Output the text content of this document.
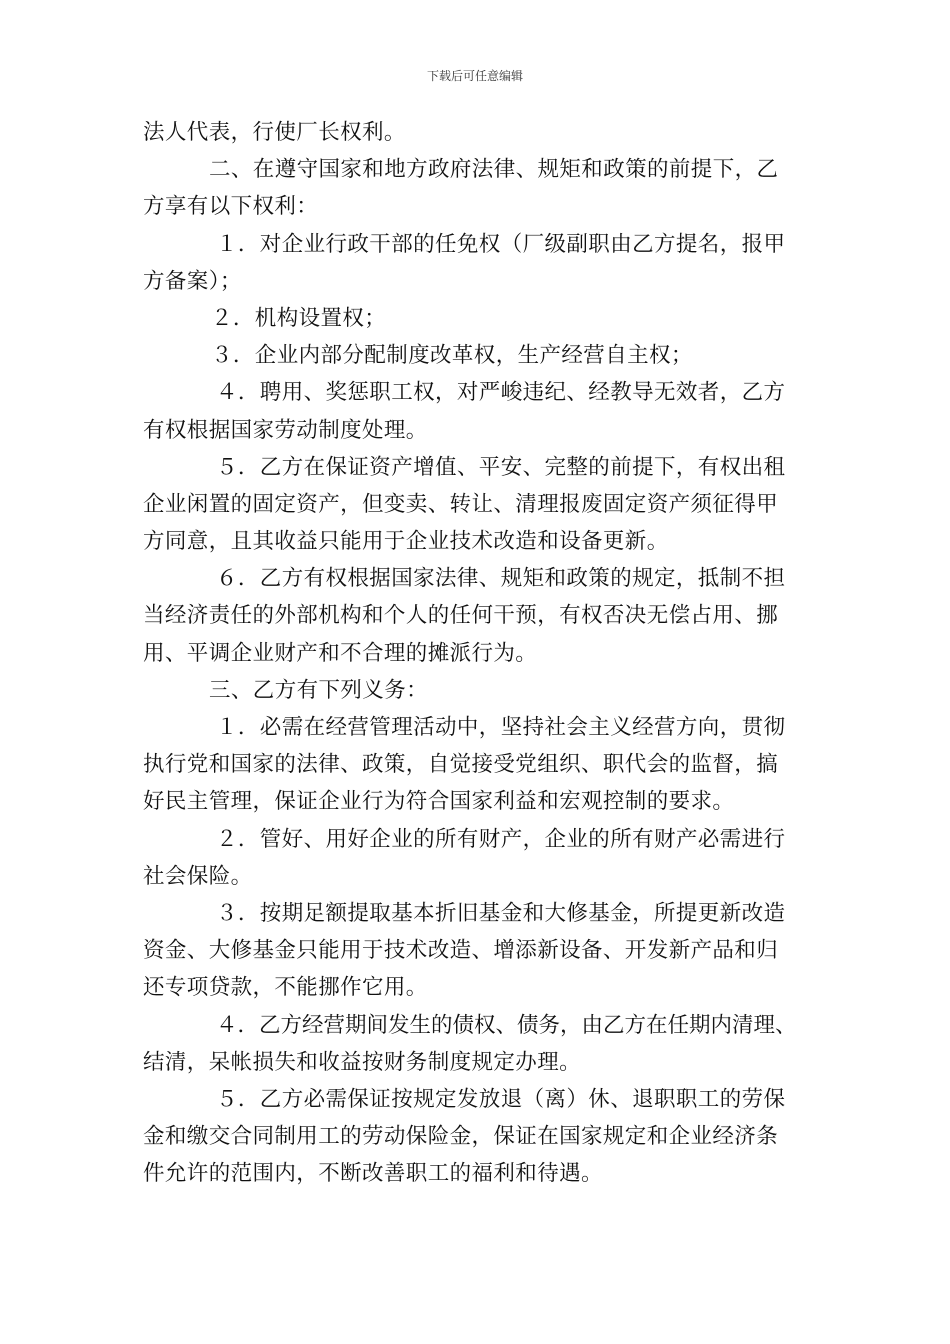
下载后可任意编辑
法人代表，行使厂长权利。
二、在遵守国家和地方政府法律、规矩和政策的前提下，乙
方享有以下权利：
１．对企业行政干部的任免权（厂级副职由乙方提名，报甲
方备案）；
２．机构设置权；
３．企业内部分配制度改革权，生产经营自主权；
４．聘用、奖惩职工权，对严峻违纪、经教导无效者，乙方
有权根据国家劳动制度处理。
５．乙方在保证资产增值、平安、完整的前提下，有权出租
企业闲置的固定资产，但变卖、转让、清理报废固定资产须征得甲
方同意，且其收益只能用于企业技术改造和设备更新。
６．乙方有权根据国家法律、规矩和政策的规定，抵制不担
当经济责任的外部机构和个人的任何干预，有权否决无偿占用、挪
用、平调企业财产和不合理的摊派行为。
三、乙方有下列义务：
１．必需在经营管理活动中，坚持社会主义经营方向，贯彻
执行党和国家的法律、政策，自觉接受党组织、职代会的监督，搞
好民主管理，保证企业行为符合国家利益和宏观控制的要求。
２．管好、用好企业的所有财产，企业的所有财产必需进行
社会保险。
３．按期足额提取基本折旧基金和大修基金，所提更新改造
资金、大修基金只能用于技术改造、增添新设备、开发新产品和归
还专项贷款，不能挪作它用。
４．乙方经营期间发生的债权、债务，由乙方在任期内清理、
结清，呆帐损失和收益按财务制度规定办理。
５．乙方必需保证按规定发放退（离）休、退职职工的劳保
金和缴交合同制用工的劳动保险金，保证在国家规定和企业经济条
件允许的范围内，不断改善职工的福利和待遇。
